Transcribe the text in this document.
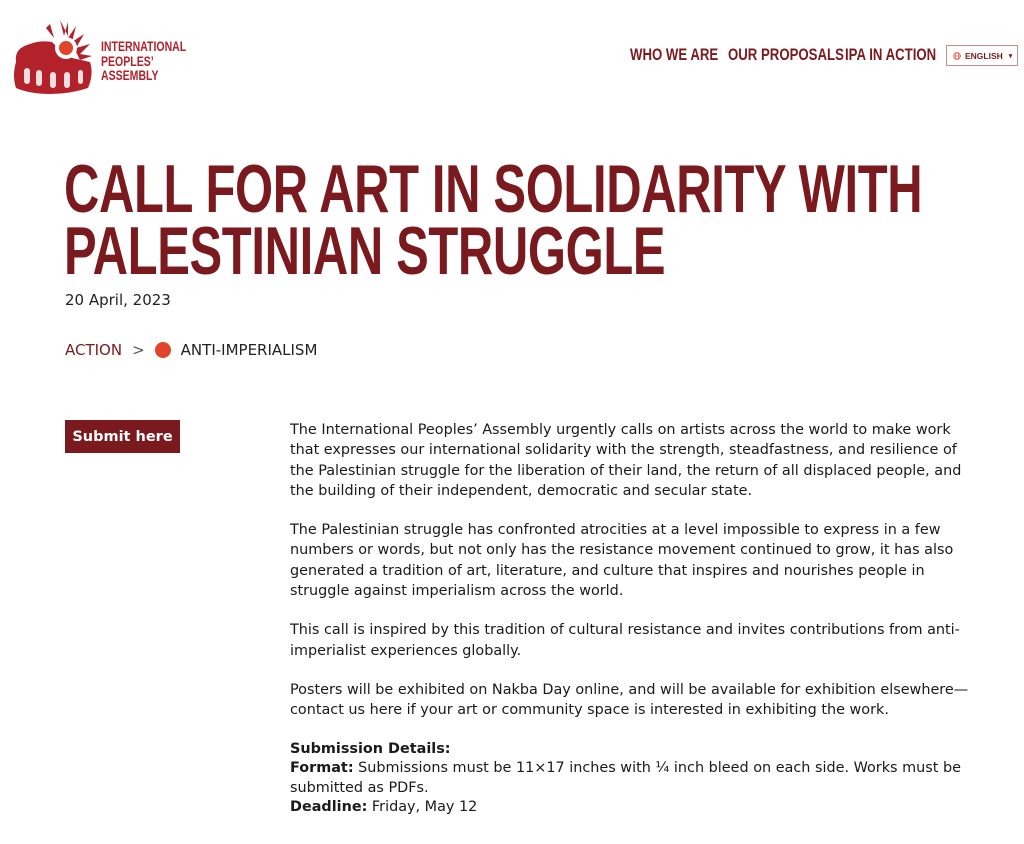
INTERNATIONAL
PEOPLES’
ASSEMBLY
WHO WE ARE OUR PROPOSALS IPA IN ACTION	ENGLISH ▾
CALL FOR ART IN SOLIDARITY WITH
PALESTINIAN STRUGGLE
20 April, 2023
ACTION > ANTI-IMPERIALISM
Submit here	The International Peoples’ Assembly urgently calls on artists across the world to make work that expresses our international solidarity with the strength, steadfastness, and resilience of the Palestinian struggle for the liberation of their land, the return of all displaced people, and the building of their independent, democratic and secular state.

The Palestinian struggle has confronted atrocities at a level impossible to express in a few numbers or words, but not only has the resistance movement continued to grow, it has also generated a tradition of art, literature, and culture that inspires and nourishes people in struggle against imperialism across the world.

This call is inspired by this tradition of cultural resistance and invites contributions from anti-imperialist experiences globally.

Posters will be exhibited on Nakba Day online, and will be available for exhibition elsewhere—contact us here if your art or community space is interested in exhibiting the work.

Submission Details:
Format: Submissions must be 11×17 inches with ¼ inch bleed on each side. Works must be submitted as PDFs.
Deadline: Friday, May 12
